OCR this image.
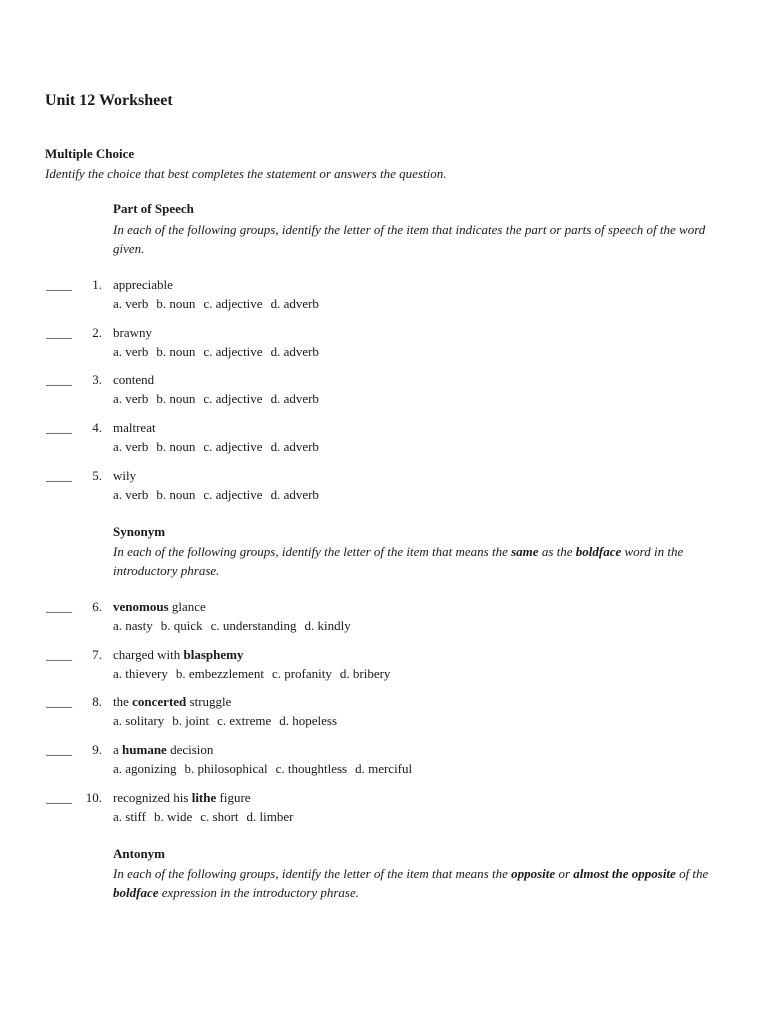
Unit 12 Worksheet
Multiple Choice
Identify the choice that best completes the statement or answers the question.
Part of Speech
In each of the following groups, identify the letter of the item that indicates the part or parts of speech of the word given.
Synonym
In each of the following groups, identify the letter of the item that means the same as the boldface word in the introductory phrase.
Antonym
In each of the following groups, identify the letter of the item that means the opposite or almost the opposite of the boldface expression in the introductory phrase.
____	1. appreciable
a. verb b. noun c. adjective d. adverb
____	2. brawny
a. verb b. noun c. adjective d. adverb
____	3. contend
a. verb b. noun c. adjective d. adverb
____	4. maltreat
a. verb b. noun c. adjective d. adverb
____	5. wily
a. verb b. noun c. adjective d. adverb
____	6. venomous glance
a. nasty b. quick c. understanding d. kindly
____	7. charged with blasphemy
a. thievery b. embezzlement c. profanity d. bribery
____	8. the concerted struggle
a. solitary b. joint c. extreme d. hopeless
____	9. a humane decision
a. agonizing b. philosophical c. thoughtless d. merciful
____	10. recognized his lithe figure
a. stiff b. wide c. short d. limber
